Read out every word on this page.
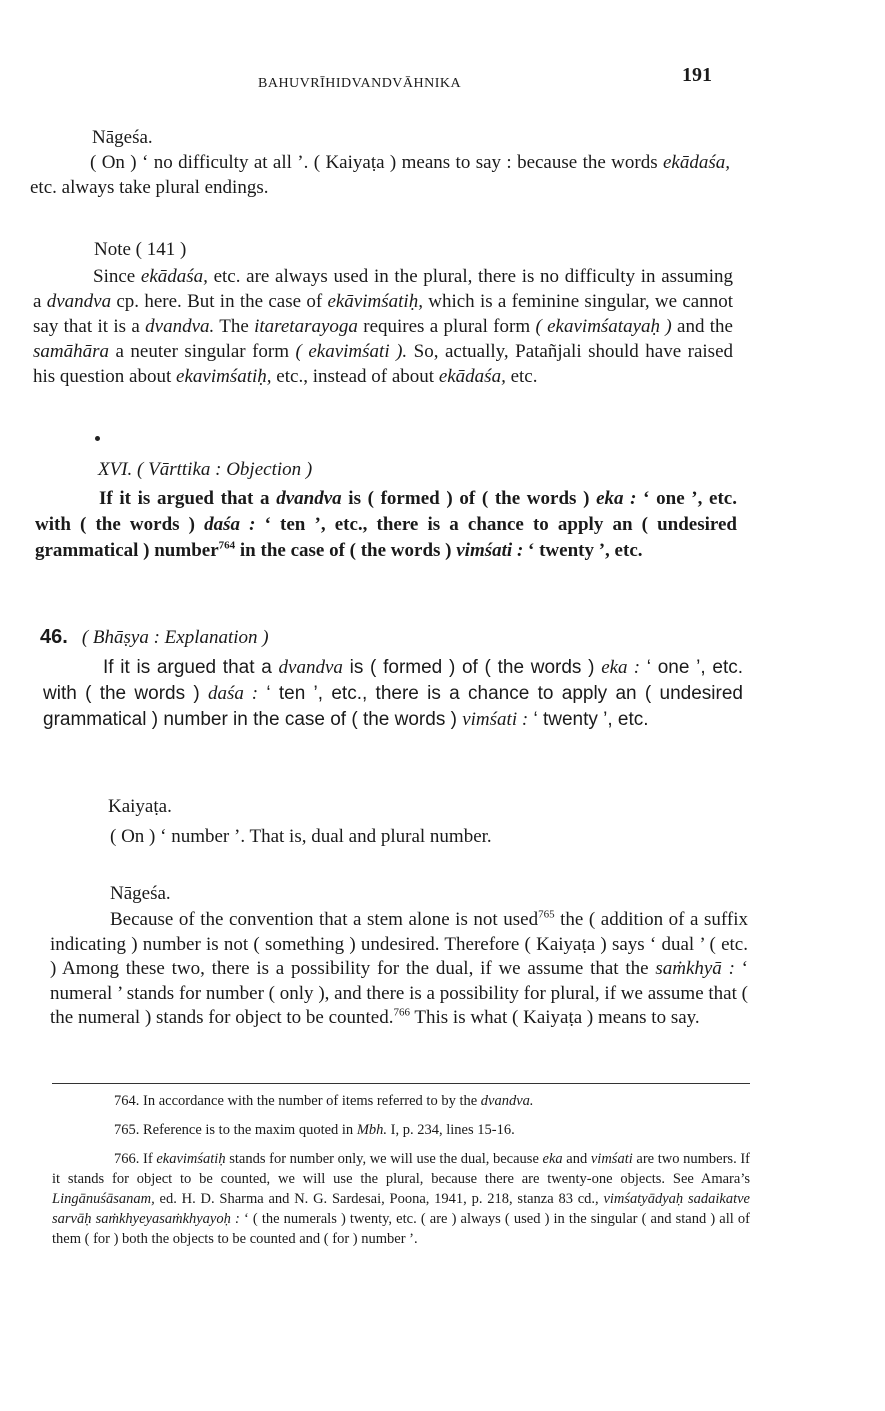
BAHUVRĪHIDVANDVĀHNIKA	191

Nāgeśa.

( On ) ‘ no difficulty at all ’. ( Kaiyaṭa ) means to say : because the words ekādaśa, etc. always take plural endings.

Note ( 141 )

Since ekādaśa, etc. are always used in the plural, there is no difficulty in assuming a dvandva cp. here. But in the case of ekāvimśatiḥ, which is a feminine singular, we cannot say that it is a dvandva. The itaretarayoga requires a plural form ( ekavimśatayaḥ ) and the samāhāra a neuter singular form ( ekavimśati ). So, actually, Patañjali should have raised his question about ekavimśatiḥ, etc., instead of about ekādaśa, etc.

XVI. ( Vārttika : Objection )

If it is argued that a dvandva is ( formed ) of ( the words ) eka : ‘ one ’, etc. with ( the words ) daśa : ‘ ten ’, etc., there is a chance to apply an ( undesired grammatical ) number$^{764}$ in the case of ( the words ) vimśati : ‘ twenty ’, etc.

46. ( Bhāṣya : Explanation )

If it is argued that a dvandva is ( formed ) of ( the words ) eka : ‘ one ’, etc. with ( the words ) daśa : ‘ ten ’, etc., there is a chance to apply an ( undesired grammatical ) number in the case of ( the words ) vimśati : ‘ twenty ’, etc.

Kaiyaṭa.

( On ) ‘ number ’. That is, dual and plural number.

Nāgeśa.

Because of the convention that a stem alone is not used$^{765}$ the ( addition of a suffix indicating ) number is not ( something ) undesired. Therefore ( Kaiyaṭa ) says ‘ dual ’ ( etc. ) Among these two, there is a possibility for the dual, if we assume that the saṁkhyā : ‘ numeral ’ stands for number ( only ), and there is a possibility for plural, if we assume that ( the numeral ) stands for object to be counted.$^{766}$ This is what ( Kaiyaṭa ) means to say.

764. In accordance with the number of items referred to by the dvandva.

765. Reference is to the maxim quoted in Mbh. I, p. 234, lines 15-16.

766. If ekavimśatiḥ stands for number only, we will use the dual, because eka and vimśati are two numbers. If it stands for object to be counted, we will use the plural, because there are twenty-one objects. See Amara’s Lingānuśāsanam, ed. H. D. Sharma and N. G. Sardesai, Poona, 1941, p. 218, stanza 83 cd., vimśatyādyaḥ sadaikatve sarvāḥ saṁkhyeyasaṁkhyayoḥ : ‘ ( the numerals ) twenty, etc. ( are ) always ( used ) in the singular ( and stand ) all of them ( for ) both the objects to be counted and ( for ) number ’.
